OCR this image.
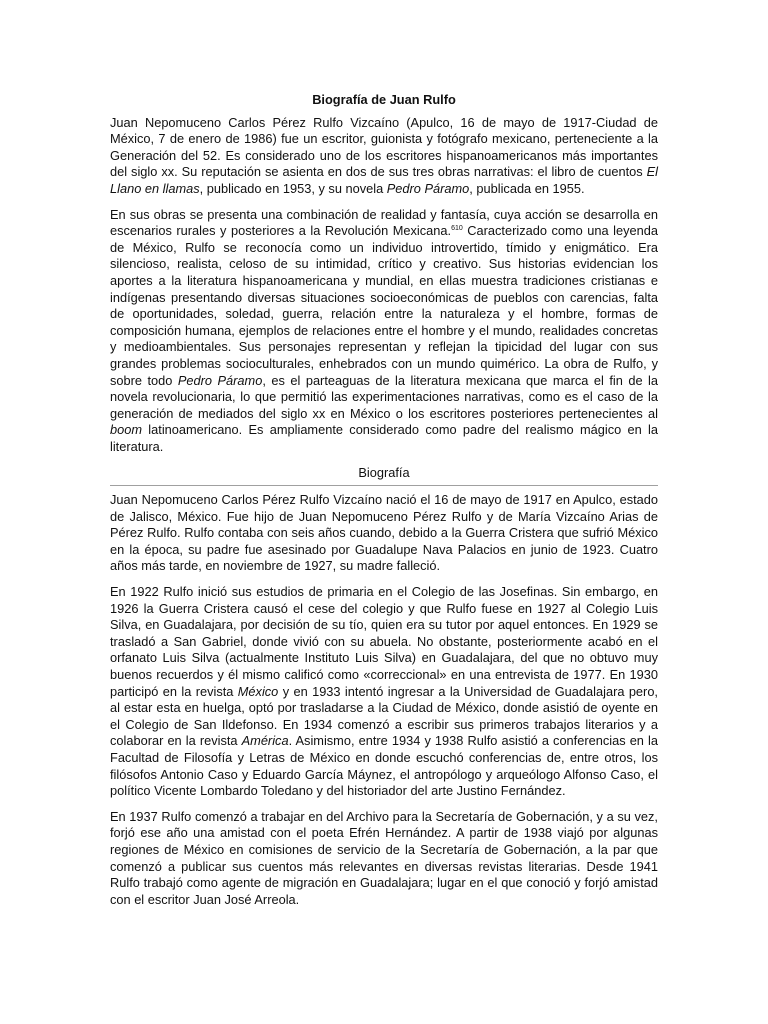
Biografía de Juan Rulfo

Juan Nepomuceno Carlos Pérez Rulfo Vizcaíno (Apulco, 16 de mayo de 1917-Ciudad de México, 7 de enero de 1986) fue un escritor, guionista y fotógrafo mexicano, perteneciente a la Generación del 52. Es considerado uno de los escritores hispanoamericanos más importantes del siglo xx. Su reputación se asienta en dos de sus tres obras narrativas: el libro de cuentos El Llano en llamas, publicado en 1953, y su novela Pedro Páramo, publicada en 1955.

En sus obras se presenta una combinación de realidad y fantasía, cuya acción se desarrolla en escenarios rurales y posteriores a la Revolución Mexicana.$^{610}$ Caracterizado como una leyenda de México, Rulfo se reconocía como un individuo introvertido, tímido y enigmático. Era silencioso, realista, celoso de su intimidad, crítico y creativo. Sus historias evidencian los aportes a la literatura hispanoamericana y mundial, en ellas muestra tradiciones cristianas e indígenas presentando diversas situaciones socioeconómicas de pueblos con carencias, falta de oportunidades, soledad, guerra, relación entre la naturaleza y el hombre, formas de composición humana, ejemplos de relaciones entre el hombre y el mundo, realidades concretas y medioambientales. Sus personajes representan y reflejan la tipicidad del lugar con sus grandes problemas socioculturales, enhebrados con un mundo quimérico. La obra de Rulfo, y sobre todo Pedro Páramo, es el parteaguas de la literatura mexicana que marca el fin de la novela revolucionaria, lo que permitió las experimentaciones narrativas, como es el caso de la generación de mediados del siglo xx en México o los escritores posteriores pertenecientes al boom latinoamericano. Es ampliamente considerado como padre del realismo mágico en la literatura.

Biografía

Juan Nepomuceno Carlos Pérez Rulfo Vizcaíno nació el 16 de mayo de 1917 en Apulco, estado de Jalisco, México. Fue hijo de Juan Nepomuceno Pérez Rulfo y de María Vizcaíno Arias de Pérez Rulfo. Rulfo contaba con seis años cuando, debido a la Guerra Cristera que sufrió México en la época, su padre fue asesinado por Guadalupe Nava Palacios en junio de 1923. Cuatro años más tarde, en noviembre de 1927, su madre falleció.

En 1922 Rulfo inició sus estudios de primaria en el Colegio de las Josefinas. Sin embargo, en 1926 la Guerra Cristera causó el cese del colegio y que Rulfo fuese en 1927 al Colegio Luis Silva, en Guadalajara, por decisión de su tío, quien era su tutor por aquel entonces. En 1929 se trasladó a San Gabriel, donde vivió con su abuela. No obstante, posteriormente acabó en el orfanato Luis Silva (actualmente Instituto Luis Silva) en Guadalajara, del que no obtuvo muy buenos recuerdos y él mismo calificó como «correccional» en una entrevista de 1977. En 1930 participó en la revista México y en 1933 intentó ingresar a la Universidad de Guadalajara pero, al estar esta en huelga, optó por trasladarse a la Ciudad de México, donde asistió de oyente en el Colegio de San Ildefonso. En 1934 comenzó a escribir sus primeros trabajos literarios y a colaborar en la revista América. Asimismo, entre 1934 y 1938 Rulfo asistió a conferencias en la Facultad de Filosofía y Letras de México en donde escuchó conferencias de, entre otros, los filósofos Antonio Caso y Eduardo García Máynez, el antropólogo y arqueólogo Alfonso Caso, el político Vicente Lombardo Toledano y del historiador del arte Justino Fernández.

En 1937 Rulfo comenzó a trabajar en del Archivo para la Secretaría de Gobernación, y a su vez, forjó ese año una amistad con el poeta Efrén Hernández. A partir de 1938 viajó por algunas regiones de México en comisiones de servicio de la Secretaría de Gobernación, a la par que comenzó a publicar sus cuentos más relevantes en diversas revistas literarias. Desde 1941 Rulfo trabajó como agente de migración en Guadalajara; lugar en el que conoció y forjó amistad con el escritor Juan José Arreola.
